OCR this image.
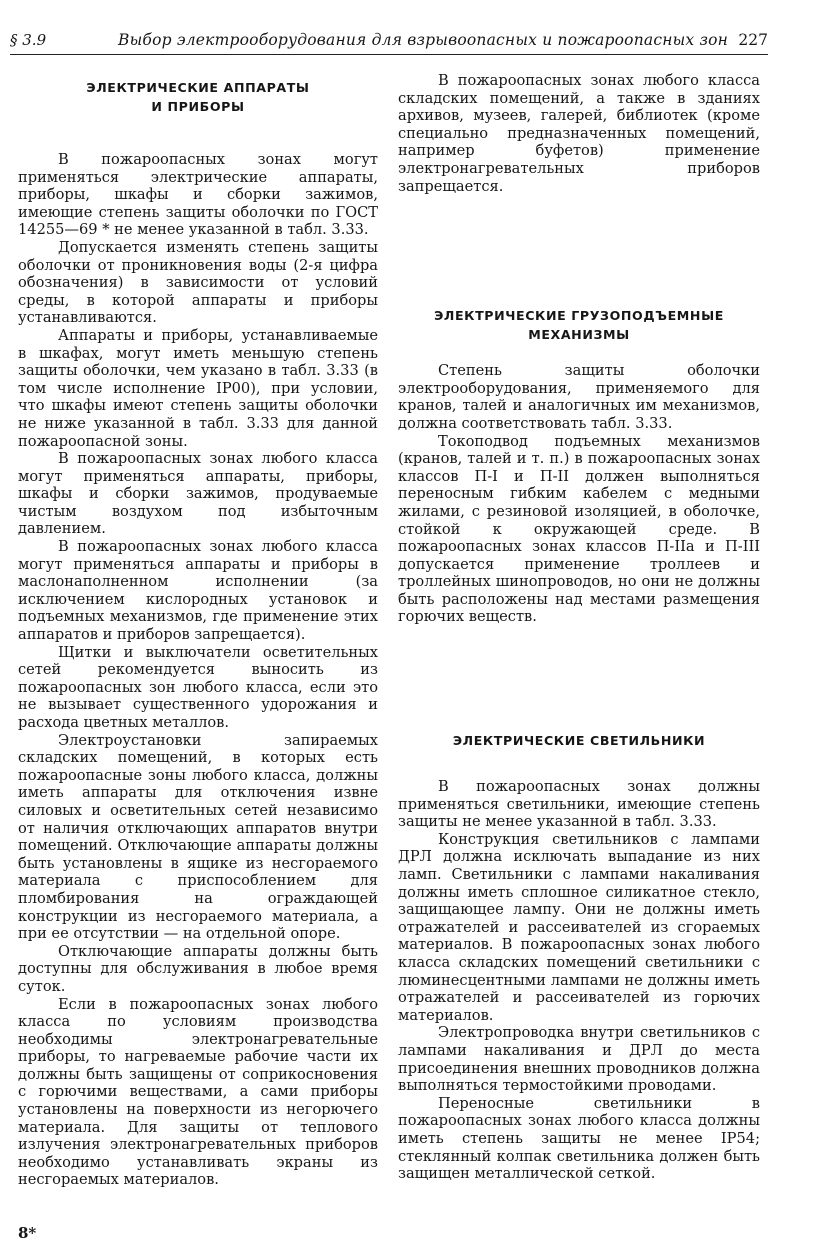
§ 3.9	Выбор электрооборудования для взрывоопасных и пожароопасных зон 227
ЭЛЕКТРИЧЕСКИЕ АППАРАТЫ
И ПРИБОРЫ

В пожароопасных зонах могут применяться электрические аппараты, приборы, шкафы и сборки зажимов, имеющие степень защиты оболочки по ГОСТ 14255—69 * не менее указанной в табл. 3.33.

Допускается изменять степень защиты оболочки от проникновения воды (2-я цифра обозначения) в зависимости от условий среды, в которой аппараты и приборы устанавливаются.

Аппараты и приборы, устанавливаемые в шкафах, могут иметь меньшую степень защиты оболочки, чем указано в табл. 3.33 (в том числе исполнение IP00), при условии, что шкафы имеют степень защиты оболочки не ниже указанной в табл. 3.33 для данной пожароопасной зоны.

В пожароопасных зонах любого класса могут применяться аппараты, приборы, шкафы и сборки зажимов, продуваемые чистым воздухом под избыточным давлением.

В пожароопасных зонах любого класса могут применяться аппараты и приборы в маслонаполненном исполнении (за исключением кислородных установок и подъемных механизмов, где применение этих аппаратов и приборов запрещается).

Щитки и выключатели осветительных сетей рекомендуется выносить из пожароопасных зон любого класса, если это не вызывает существенного удорожания и расхода цветных металлов.

Электроустановки запираемых складских помещений, в которых есть пожароопасные зоны любого класса, должны иметь аппараты для отключения извне силовых и осветительных сетей независимо от наличия отключающих аппаратов внутри помещений. Отключающие аппараты должны быть установлены в ящике из несгораемого материала с приспособлением для пломбирования на ограждающей конструкции из несгораемого материала, а при ее отсутствии — на отдельной опоре.

Отключающие аппараты должны быть доступны для обслуживания в любое время суток.

Если в пожароопасных зонах любого класса по условиям производства необходимы электронагревательные приборы, то нагреваемые рабочие части их должны быть защищены от соприкосновения с горючими веществами, а сами приборы установлены на поверхности из негорючего материала. Для защиты от теплового излучения электронагревательных приборов необходимо устанавливать экраны из несгораемых материалов.

В пожароопасных зонах любого класса складских помещений, а также в зданиях архивов, музеев, галерей, библиотек (кроме специально предназначенных помещений, например буфетов) применение электронагревательных приборов запрещается.

ЭЛЕКТРИЧЕСКИЕ ГРУЗОПОДЪЕМНЫЕ
МЕХАНИЗМЫ

Степень защиты оболочки электрооборудования, применяемого для кранов, талей и аналогичных им механизмов, должна соответствовать табл. 3.33.

Токоподвод подъемных механизмов (кранов, талей и т. п.) в пожароопасных зонах классов П-I и П-II должен выполняться переносным гибким кабелем с медными жилами, с резиновой изоляцией, в оболочке, стойкой к окружающей среде. В пожароопасных зонах классов П-IIа и П-III допускается применение троллеев и троллейных шинопроводов, но они не должны быть расположены над местами размещения горючих веществ.

ЭЛЕКТРИЧЕСКИЕ СВЕТИЛЬНИКИ

В пожароопасных зонах должны применяться светильники, имеющие степень защиты не менее указанной в табл. 3.33.

Конструкция светильников с лампами ДРЛ должна исключать выпадание из них ламп. Светильники с лампами накаливания должны иметь сплошное силикатное стекло, защищающее лампу. Они не должны иметь отражателей и рассеивателей из сгораемых материалов. В пожароопасных зонах любого класса складских помещений светильники с люминесцентными лампами не должны иметь отражателей и рассеивателей из горючих материалов.

Электропроводка внутри светильников с лампами накаливания и ДРЛ до места присоединения внешних проводников должна выполняться термостойкими проводами.

Переносные светильники в пожароопасных зонах любого класса должны иметь степень защиты не менее IP54; стеклянный колпак светильника должен быть защищен металлической сеткой.

8*
